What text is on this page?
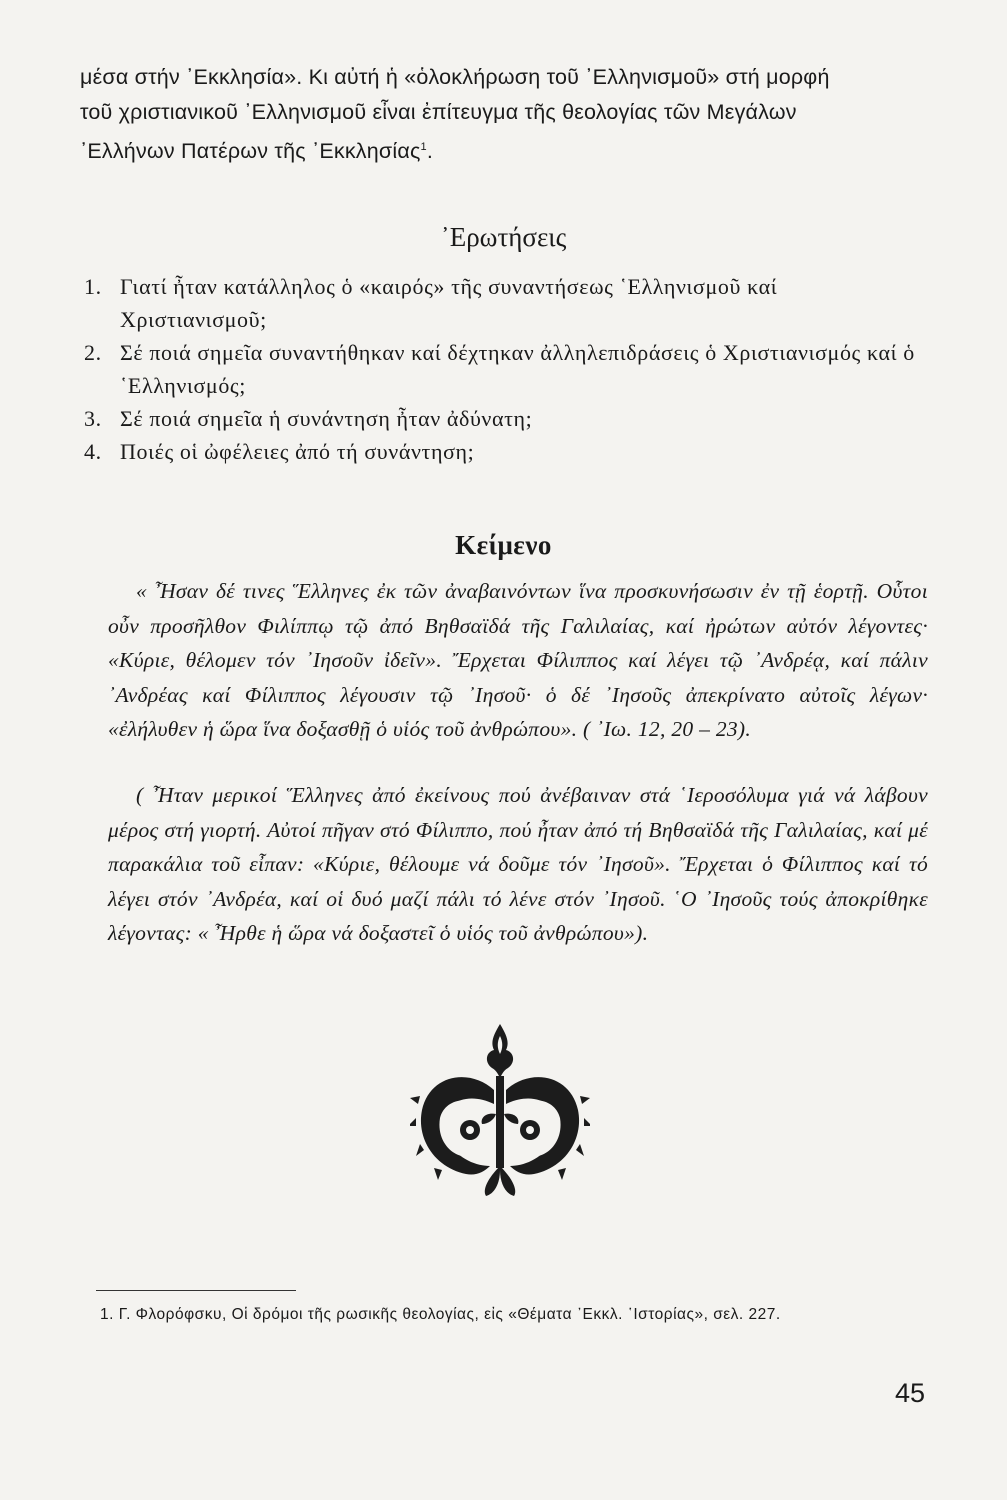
μέσα στήν ᾿Εκκλησία». Κι αὐτή ἡ «ὁλοκλήρωση τοῦ ᾿Ελληνισμοῦ» στή μορφή

τοῦ χριστιανικοῦ ᾿Ελληνισμοῦ εἶναι ἐπίτευγμα τῆς θεολογίας τῶν Μεγάλων

᾿Ελλήνων Πατέρων τῆς ᾿Εκκλησίας$^1$.

᾿Ερωτήσεις
1. Γιατί ἦταν κατάλληλος ὁ «καιρός» τῆς συναντήσεως ῾Ελληνισμοῦ καί Χριστιανισμοῦ;
2. Σέ ποιά σημεῖα συναντήθηκαν καί δέχτηκαν ἀλληλεπιδράσεις ὁ Χριστιανισμός καί ὁ ῾Ελληνισμός;
3. Σέ ποιά σημεῖα ἡ συνάντηση ἦταν ἀδύνατη;
4. Ποιές οἱ ὠφέλειες ἀπό τή συνάντηση;
Κείμενο

« Ἦσαν δέ τινες Ἕλληνες ἐκ τῶν ἀναβαινόντων ἵνα προσκυνήσωσιν ἐν τῇ ἑορτῇ. Οὗτοι οὖν προσῆλθον Φιλίππῳ τῷ ἀπό Βηθσαϊδά τῆς Γαλιλαίας, καί ἠρώτων αὐτόν λέγοντες· «Κύριε, θέλομεν τόν ᾿Ιησοῦν ἰδεῖν». Ἔρχεται Φίλιππος καί λέγει τῷ ᾿Ανδρέᾳ, καί πάλιν ᾿Ανδρέας καί Φίλιππος λέγουσιν τῷ ᾿Ιησοῦ· ὁ δέ ᾿Ιησοῦς ἀπεκρίνατο αὐτοῖς λέγων· «ἐλήλυθεν ἡ ὥρα ἵνα δοξασθῇ ὁ υἱός τοῦ ἀνθρώπου». ( ᾿Ιω. 12, 20 – 23).

( Ἦταν μερικοί Ἕλληνες ἀπό ἐκείνους πού ἀνέβαιναν στά ῾Ιεροσόλυμα γιά νά λάβουν μέρος στή γιορτή. Αὐτοί πῆγαν στό Φίλιππο, πού ἦταν ἀπό τή Βηθσαϊδά τῆς Γαλιλαίας, καί μέ παρακάλια τοῦ εἶπαν: «Κύριε, θέλουμε νά δοῦμε τόν ᾿Ιησοῦ». Ἔρχεται ὁ Φίλιππος καί τό λέγει στόν ᾿Ανδρέα, καί οἱ δυό μαζί πάλι τό λένε στόν ᾿Ιησοῦ. ῾Ο ᾿Ιησοῦς τούς ἀποκρίθηκε λέγοντας: « Ἦρθε ἡ ὥρα νά δοξαστεῖ ὁ υἱός τοῦ ἀνθρώπου»).

1. Γ. Φλορόφσκυ, Οἱ δρόμοι τῆς ρωσικῆς θεολογίας, εἰς «Θέματα ᾿Εκκλ. ῾Ιστορίας», σελ. 227.
45
